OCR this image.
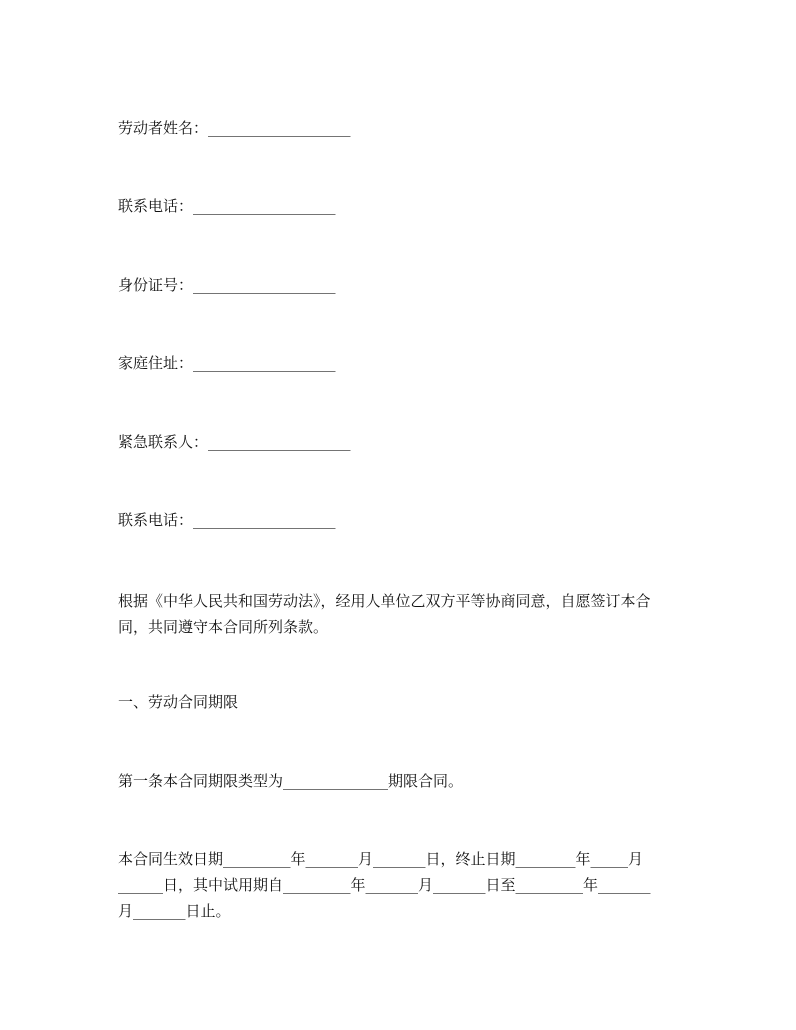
劳动者姓名：___________________
联系电话：___________________
身份证号：___________________
家庭住址：___________________
紧急联系人：___________________
联系电话：___________________
根据《中华人民共和国劳动法》，经用人单位乙双方平等协商同意，自愿签订本合
同，共同遵守本合同所列条款。
一、劳动合同期限
第一条本合同期限类型为______________期限合同。
本合同生效日期_________年_______月_______日，终止日期________年_____月
______日，其中试用期自_________年_______月_______日至_________年_______
月_______日止。
